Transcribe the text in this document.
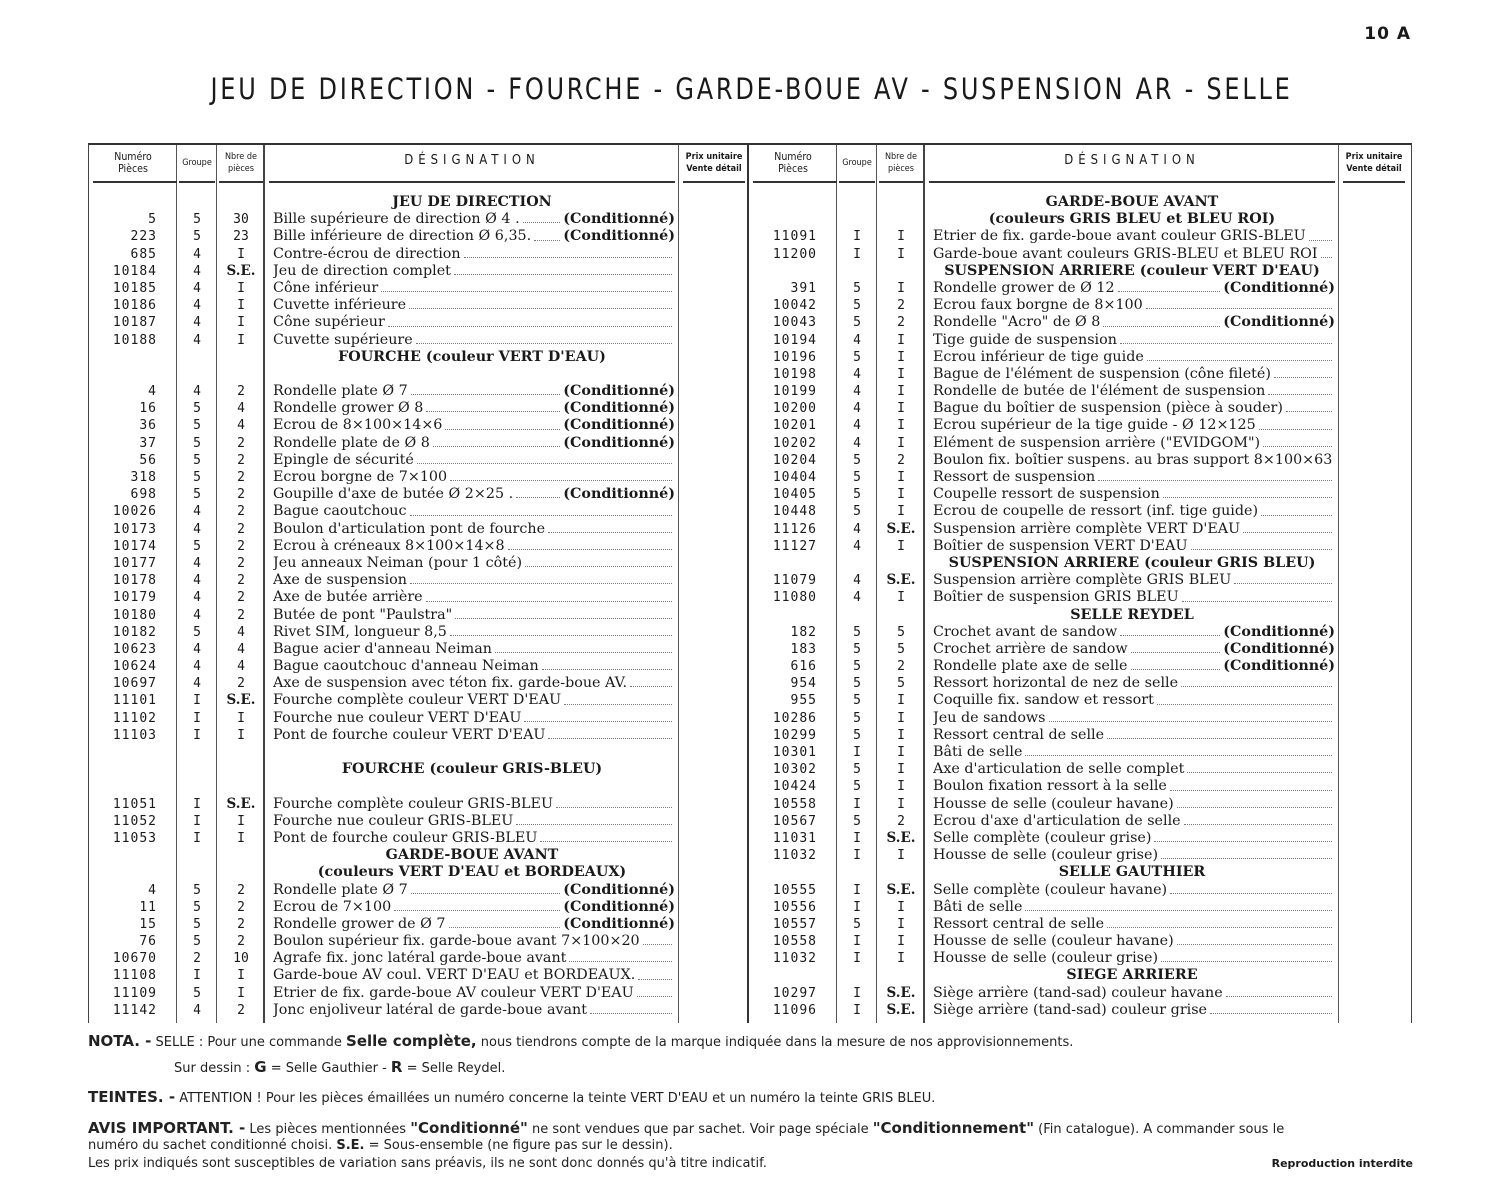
10 A
JEU DE DIRECTION - FOURCHE - GARDE-BOUE AV - SUSPENSION AR - SELLE
Numéro
Pièces	Groupe
Nbre de
pièces
DÉSIGNATION	Prix unitaire
Vente détail
JEU DE DIRECTION
5	5	30	Bille supérieure de direction Ø 4 .	(Conditionné)
223	5	23	Bille inférieure de direction Ø 6,35. (Conditionné)
685	4	I	Contre-écrou de direction
10184	4	S.E.	Jeu de direction complet
10185	4	I	Cône inférieur
10186	4	I	Cuvette inférieure
10187	4	I	Cône supérieur
10188	4	I	Cuvette supérieure
FOURCHE (couleur VERT D'EAU)
4	4	2	Rondelle plate Ø 7	(Conditionné)
16	5	4	Rondelle grower Ø 8	(Conditionné)
36	5	4	Ecrou de 8×100×14×6	(Conditionné)
37	5	2	Rondelle plate de Ø 8	(Conditionné)
56	5	2	Epingle de sécurité
318	5	2	Ecrou borgne de 7×100
698	5	2	Goupille d'axe de butée Ø 2×25 .	(Conditionné)
10026	4	2	Bague caoutchouc
10173	4	2	Boulon d'articulation pont de fourche
10174	5	2	Ecrou à créneaux 8×100×14×8
10177	4	2	Jeu anneaux Neiman (pour 1 côté)
10178	4	2	Axe de suspension
10179	4	2	Axe de butée arrière
10180	4	2	Butée de pont "Paulstra"
10182	5	4	Rivet SIM, longueur 8,5
10623	4	4	Bague acier d'anneau Neiman
10624	4	4	Bague caoutchouc d'anneau Neiman
10697	4	2	Axe de suspension avec téton fix. garde-boue AV.
11101	I	S.E.	Fourche complète couleur VERT D'EAU
11102	I	I	Fourche nue couleur VERT D'EAU
11103	I	I	Pont de fourche couleur VERT D'EAU
FOURCHE (couleur GRIS-BLEU)
11051	I	S.E.	Fourche complète couleur GRIS-BLEU
11052	I	I	Fourche nue couleur GRIS-BLEU
11053	I	I	Pont de fourche couleur GRIS-BLEU
GARDE-BOUE AVANT
(couleurs VERT D'EAU et BORDEAUX)
4	5	2	Rondelle plate Ø 7	(Conditionné)
11	5	2	Ecrou de 7×100	(Conditionné)
15	5	2	Rondelle grower de Ø 7	(Conditionné)
76	5	2	Boulon supérieur fix. garde-boue avant 7×100×20
10670	2	10	Agrafe fix. jonc latéral garde-boue avant
11108	I	I	Garde-boue AV coul. VERT D'EAU et BORDEAUX.
11109	5	I	Etrier de fix. garde-boue AV couleur VERT D'EAU
11142	4	2	Jonc enjoliveur latéral de garde-boue avant
Numéro
Pièces	Groupe
Nbre de
pièces
DÉSIGNATION	Prix unitaire
Vente détail
GARDE-BOUE AVANT
(couleurs GRIS BLEU et BLEU ROI)
11091	I	I	Etrier de fix. garde-boue avant couleur GRIS-BLEU
11200	I	I	Garde-boue avant couleurs GRIS-BLEU et BLEU ROI
SUSPENSION ARRIERE (couleur VERT D'EAU)
391	5	I	Rondelle grower de Ø 12	(Conditionné)
10042	5	2	Ecrou faux borgne de 8×100
10043	5	2	Rondelle "Acro" de Ø 8	(Conditionné)
10194	4	I	Tige guide de suspension
10196	5	I	Ecrou inférieur de tige guide
10198	4	I	Bague de l'élément de suspension (cône fileté)
10199	4	I	Rondelle de butée de l'élément de suspension
10200	4	I	Bague du boîtier de suspension (pièce à souder)
10201	4	I	Ecrou supérieur de la tige guide - Ø 12×125
10202	4	I	Elément de suspension arrière ("EVIDGOM")
10204	5	2	Boulon fix. boîtier suspens. au bras support 8×100×63
10404	5	I	Ressort de suspension
10405	5	I	Coupelle ressort de suspension
10448	5	I	Ecrou de coupelle de ressort (inf. tige guide)
11126	4	S.E.	Suspension arrière complète VERT D'EAU
11127	4	I	Boîtier de suspension VERT D'EAU
SUSPENSION ARRIERE (couleur GRIS BLEU)
11079	4	S.E.	Suspension arrière complète GRIS BLEU
11080	4	I	Boîtier de suspension GRIS BLEU
SELLE REYDEL
182	5	5	Crochet avant de sandow	(Conditionné)
183	5	5	Crochet arrière de sandow	(Conditionné)
616	5	2	Rondelle plate axe de selle	(Conditionné)
954	5	5	Ressort horizontal de nez de selle
955	5	I	Coquille fix. sandow et ressort
10286	5	I	Jeu de sandows
10299	5	I	Ressort central de selle
10301	I	I	Bâti de selle
10302	5	I	Axe d'articulation de selle complet
10424	5	I	Boulon fixation ressort à la selle
10558	I	I	Housse de selle (couleur havane)
10567	5	2	Ecrou d'axe d'articulation de selle
11031	I	S.E.	Selle complète (couleur grise)
11032	I	I	Housse de selle (couleur grise)
SELLE GAUTHIER
10555	I	S.E.	Selle complète (couleur havane)
10556	I	I	Bâti de selle
10557	5	I	Ressort central de selle
10558	I	I	Housse de selle (couleur havane)
11032	I	I	Housse de selle (couleur grise)
SIEGE ARRIERE
10297	I	S.E.	Siège arrière (tand-sad) couleur havane
11096	I	S.E.	Siège arrière (tand-sad) couleur grise

NOTA. - SELLE : Pour une commande Selle complète, nous tiendrons compte de la marque indiquée dans la mesure de nos approvisionnements.

Sur dessin : G = Selle Gauthier - R = Selle Reydel.

TEINTES. - ATTENTION ! Pour les pièces émaillées un numéro concerne la teinte VERT D'EAU et un numéro la teinte GRIS BLEU.

AVIS IMPORTANT. - Les pièces mentionnées "Conditionné" ne sont vendues que par sachet. Voir page spéciale "Conditionnement" (Fin catalogue). A commander sous le

numéro du sachet conditionné choisi. S.E. = Sous-ensemble (ne figure pas sur le dessin).

Les prix indiqués sont susceptibles de variation sans préavis, ils ne sont donc donnés qu'à titre indicatif.	Reproduction interdite
